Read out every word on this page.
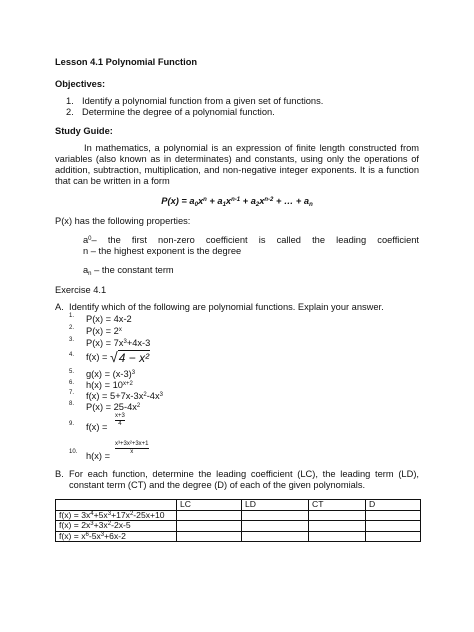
Lesson 4.1 Polynomial Function
Objectives:
1. Identify a polynomial function from a given set of functions.
2. Determine the degree of a polynomial function.
Study Guide:
In mathematics, a polynomial is an expression of finite length constructed from variables (also known as in determinates) and constants, using only the operations of addition, subtraction, multiplication, and non-negative integer exponents. It is a function that can be written in a form
$P(x) = a_0x^n + a_1x^{n-1} + a_2x^{n-2}$ + … + $a_n$
P(x) has the following properties:
$a_0$ – the first non-zero coefficient is called the leading coefficient
n – the highest exponent is the degree
$a_n$ – the constant term
Exercise 4.1
A. Identify which of the following are polynomial functions. Explain your answer.
1. P(x) = 4x-2
2. $P(x) = 2^x$
3. $P(x) = 7x^3+4x-3$
4. f(x) = √4 − x²
5. $g(x) = (x-3)^3$
6. $h(x) = 10^{x+2}$
7. $f(x) = 5+7x-3x^2-4x^3$
8. $P(x) = 25-4x^2$
9. f(x) =
x+3
4
10. h(x) =
x³+3x²+3x+1
x
B. For each function, determine the leading coefficient (LC), the leading term (LD), constant term (CT) and the degree (D) of each of the given polynomials.
	LC	LD	CT	D
$f(x) = 3x^4+5x^3+17x^2-25x+10$				
$f(x) = 2x^3+3x^2-2x-5$				
$f(x) = x^6-5x^3+6x-2$				
